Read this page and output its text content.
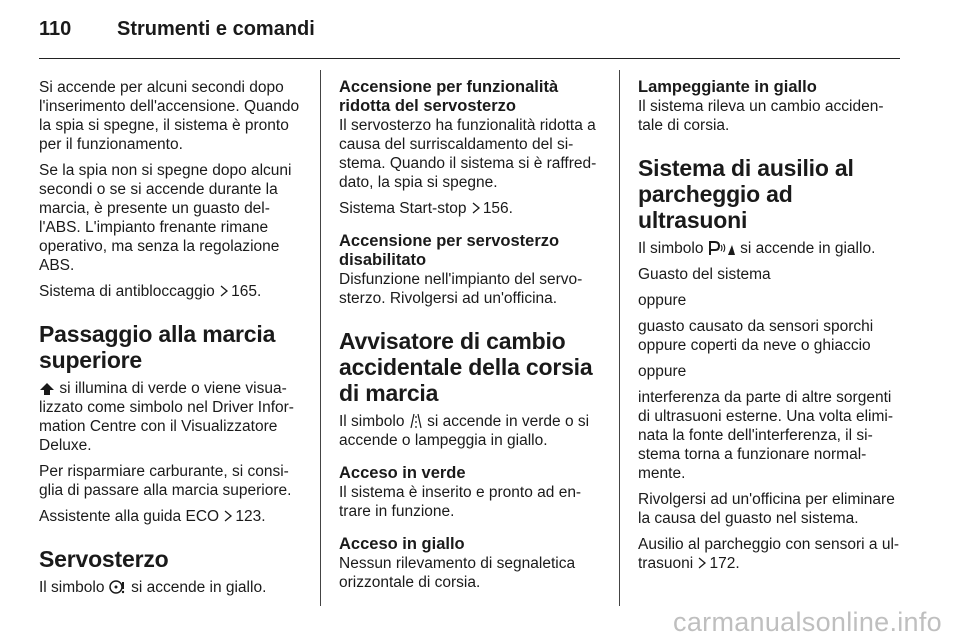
110	Strumenti e comandi

Si accende per alcuni secondi dopo l'inserimento dell'accensione. Quando la spia si spegne, il sistema è pronto per il funzionamento.

Se la spia non si spegne dopo alcuni secondi o se si accende durante la marcia, è presente un guasto del-l'ABS. L'impianto frenante rimane operativo, ma senza la regolazione ABS.

Sistema di antibloccaggio 165.

Passaggio alla marcia superiore

si illumina di verde o viene visua-lizzato come simbolo nel Driver Infor-mation Centre con il Visualizzatore Deluxe.

Per risparmiare carburante, si consi-glia di passare alla marcia superiore.

Assistente alla guida ECO 123.

Servosterzo

Il simbolo si accende in giallo.

Accensione per funzionalità ridotta del servosterzo

Il servosterzo ha funzionalità ridotta a causa del surriscaldamento del si-stema. Quando il sistema si è raffred-dato, la spia si spegne.

Sistema Start-stop 156.

Accensione per servosterzo disabilitato

Disfunzione nell'impianto del servo-sterzo. Rivolgersi ad un'officina.

Avvisatore di cambio accidentale della corsia di marcia

Il simbolo si accende in verde o si accende o lampeggia in giallo.

Acceso in verde

Il sistema è inserito e pronto ad en-trare in funzione.

Acceso in giallo

Nessun rilevamento di segnaletica orizzontale di corsia.

Lampeggiante in giallo

Il sistema rileva un cambio acciden-tale di corsia.

Sistema di ausilio al parcheggio ad ultrasuoni

Il simbolo si accende in giallo.

Guasto del sistema

oppure

guasto causato da sensori sporchi oppure coperti da neve o ghiaccio

oppure

interferenza da parte di altre sorgenti di ultrasuoni esterne. Una volta elimi-nata la fonte dell'interferenza, il si-stema torna a funzionare normal-mente.

Rivolgersi ad un'officina per eliminare la causa del guasto nel sistema.

Ausilio al parcheggio con sensori a ul-trasuoni 172.

carmanualsonline.info
